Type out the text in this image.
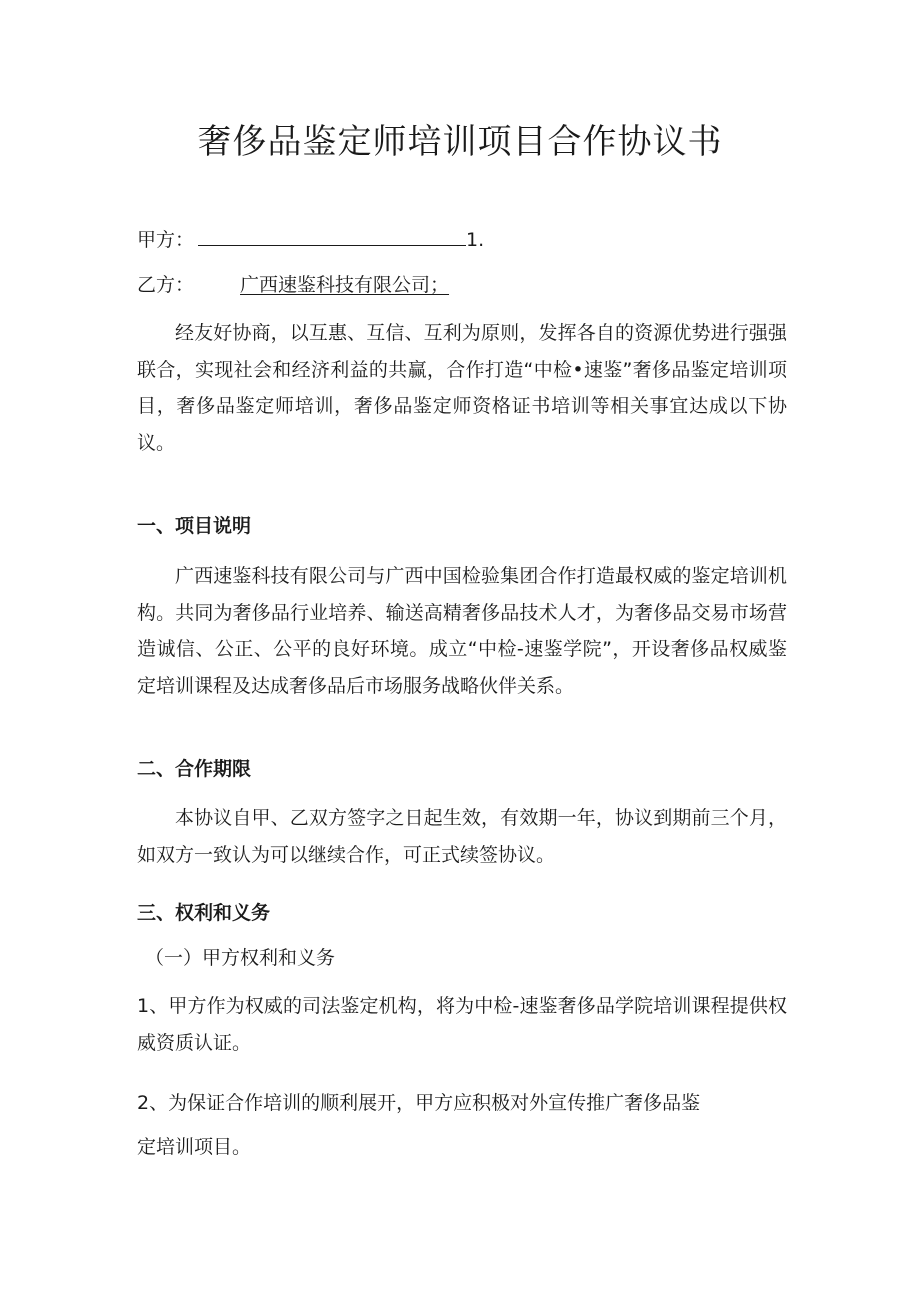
奢侈品鉴定师培训项目合作协议书
甲方：	1.
乙方： 广西速鉴科技有限公司；

经友好协商，以互惠、互信、互利为原则，发挥各自的资源优势进行强强联合，实现社会和经济利益的共赢，合作打造“中检•速鉴”奢侈品鉴定培训项目，奢侈品鉴定师培训，奢侈品鉴定师资格证书培训等相关事宜达成以下协议。

一、项目说明

广西速鉴科技有限公司与广西中国检验集团合作打造最权威的鉴定培训机构。共同为奢侈品行业培养、输送高精奢侈品技术人才，为奢侈品交易市场营造诚信、公正、公平的良好环境。成立“中检-速鉴学院”，开设奢侈品权威鉴定培训课程及达成奢侈品后市场服务战略伙伴关系。

二、合作期限

本协议自甲、乙双方签字之日起生效，有效期一年，协议到期前三个月，如双方一致认为可以继续合作，可正式续签协议。

三、权利和义务

（一）甲方权利和义务

1、甲方作为权威的司法鉴定机构，将为中检-速鉴奢侈品学院培训课程提供权威资质认证。

2、为保证合作培训的顺利展开，甲方应积极对外宣传推广奢侈品鉴

定培训项目。
